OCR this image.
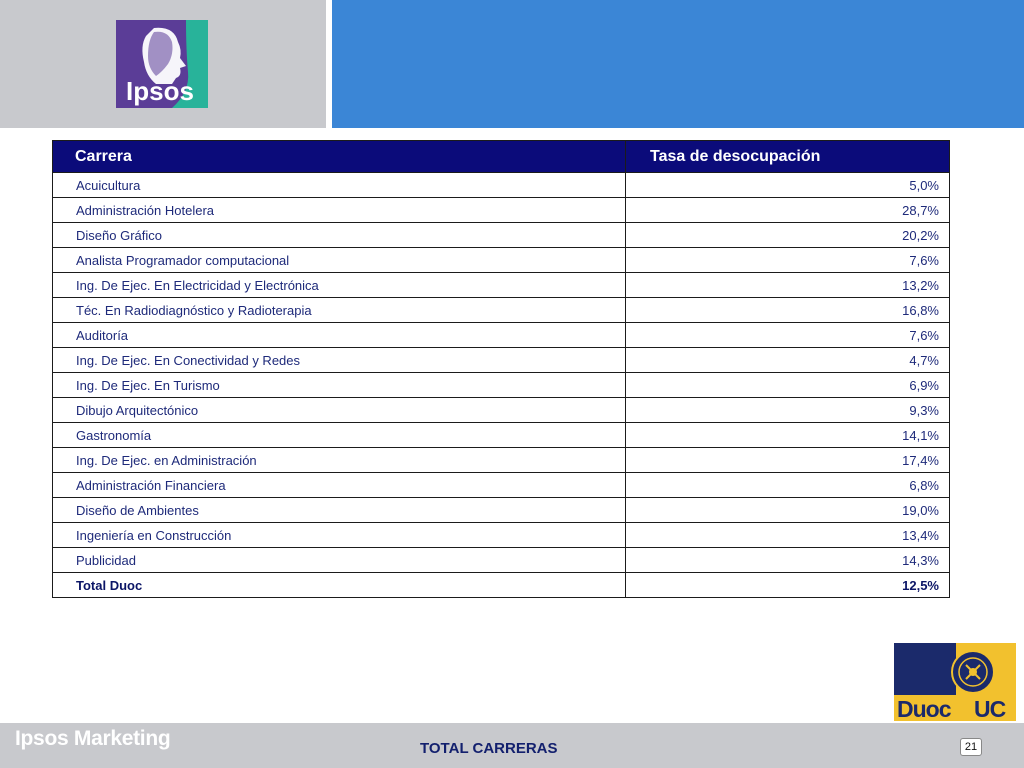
Ipsos
Carrera	Tasa de desocupación
Acuicultura	5,0%
Administración Hotelera	28,7%
Diseño Gráfico	20,2%
Analista Programador computacional	7,6%
Ing. De Ejec. En Electricidad y Electrónica	13,2%
Téc. En Radiodiagnóstico y Radioterapia	16,8%
Auditoría	7,6%
Ing. De Ejec. En Conectividad y Redes	4,7%
Ing. De Ejec. En Turismo	6,9%
Dibujo Arquitectónico	9,3%
Gastronomía	14,1%
Ing. De Ejec. en Administración	17,4%
Administración Financiera	6,8%
Diseño de Ambientes	19,0%
Ingeniería en Construcción	13,4%
Publicidad	14,3%
Total Duoc	12,5%
Duoc UC
Ipsos Marketing	TOTAL CARRERAS	21
